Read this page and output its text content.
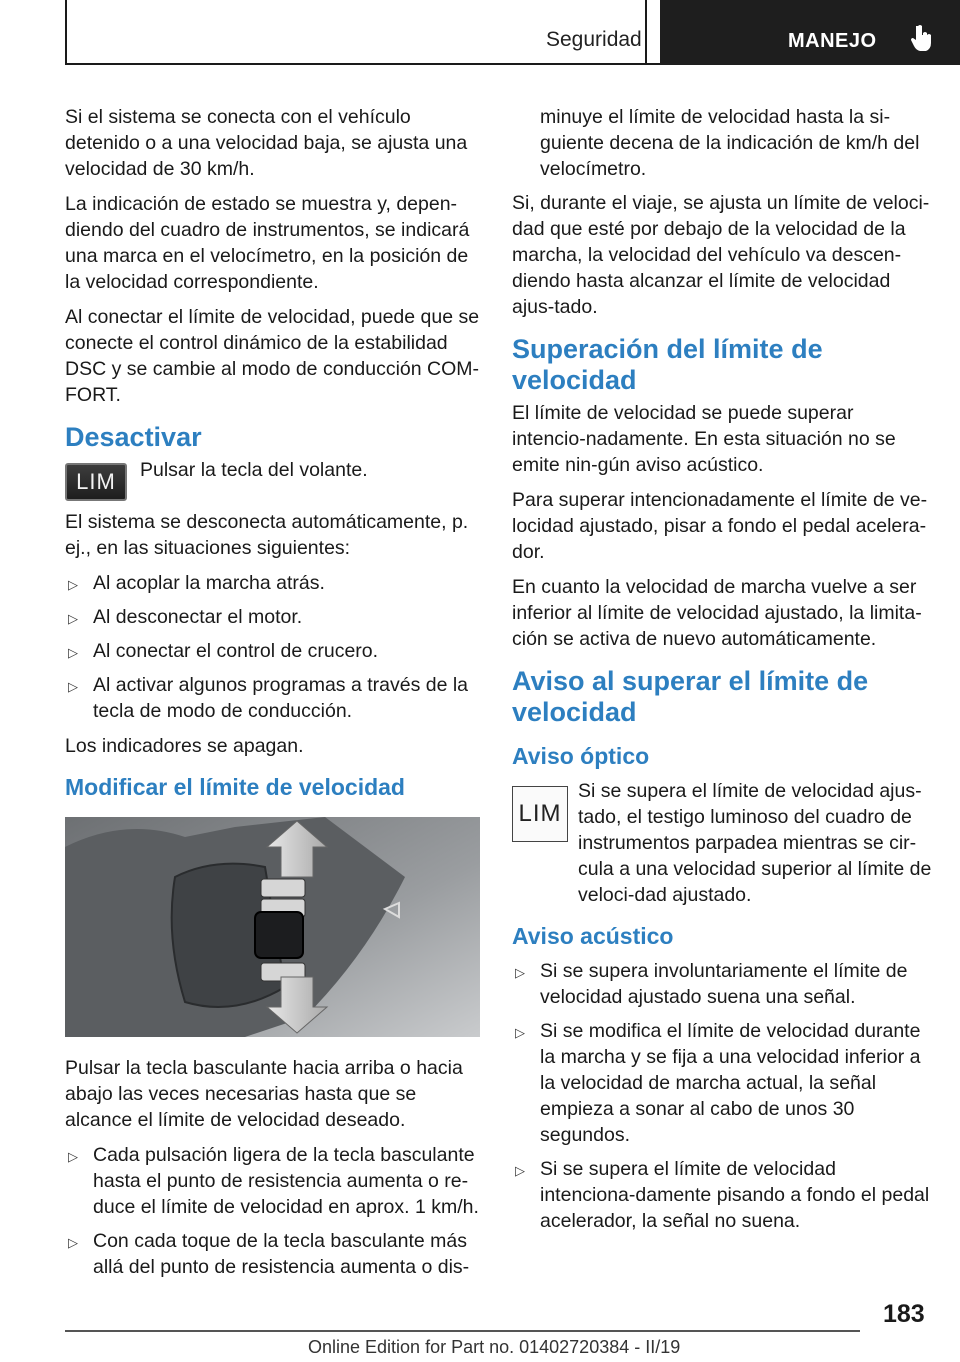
Seguridad	MANEJO

Si el sistema se conecta con el vehículo detenido o a una velocidad baja, se ajusta una velocidad de 30 km/h.

La indicación de estado se muestra y, depen-diendo del cuadro de instrumentos, se indicará una marca en el velocímetro, en la posición de la velocidad correspondiente.

Al conectar el límite de velocidad, puede que se conecte el control dinámico de la estabilidad DSC y se cambie al modo de conducción COM-FORT.

Desactivar
LIM	Pulsar la tecla del volante.

El sistema se desconecta automáticamente, p. ej., en las situaciones siguientes:

▷ Al acoplar la marcha atrás.
▷ Al desconectar el motor.
▷ Al conectar el control de crucero.
▷ Al activar algunos programas a través de la tecla de modo de conducción.

Los indicadores se apagan.

Modificar el límite de velocidad

Pulsar la tecla basculante hacia arriba o hacia abajo las veces necesarias hasta que se alcance el límite de velocidad deseado.

▷ Cada pulsación ligera de la tecla basculante hasta el punto de resistencia aumenta o re-duce el límite de velocidad en aprox. 1 km/h.
▷ Con cada toque de la tecla basculante más allá del punto de resistencia aumenta o dis-
minuye el límite de velocidad hasta la si-guiente decena de la indicación de km/h del velocímetro.

Si, durante el viaje, se ajusta un límite de veloci-dad que esté por debajo de la velocidad de la marcha, la velocidad del vehículo va descen-diendo hasta alcanzar el límite de velocidad ajus-tado.

Superación del límite de velocidad

El límite de velocidad se puede superar intencio-nadamente. En esta situación no se emite nin-gún aviso acústico.

Para superar intencionadamente el límite de ve-locidad ajustado, pisar a fondo el pedal acelera-dor.

En cuanto la velocidad de marcha vuelve a ser inferior al límite de velocidad ajustado, la limita-ción se activa de nuevo automáticamente.

Aviso al superar el límite de velocidad
Aviso óptico
LIM
Si se supera el límite de velocidad ajus-tado, el testigo luminoso del cuadro de instrumentos parpadea mientras se cir-cula a una velocidad superior al límite de veloci-dad ajustado.
Aviso acústico
▷ Si se supera involuntariamente el límite de velocidad ajustado suena una señal.
▷ Si se modifica el límite de velocidad durante la marcha y se fija a una velocidad inferior a la velocidad de marcha actual, la señal empieza a sonar al cabo de unos 30 segundos.
▷ Si se supera el límite de velocidad intenciona-damente pisando a fondo el pedal acelerador, la señal no suena.
183
Online Edition for Part no. 01402720384 - II/19
